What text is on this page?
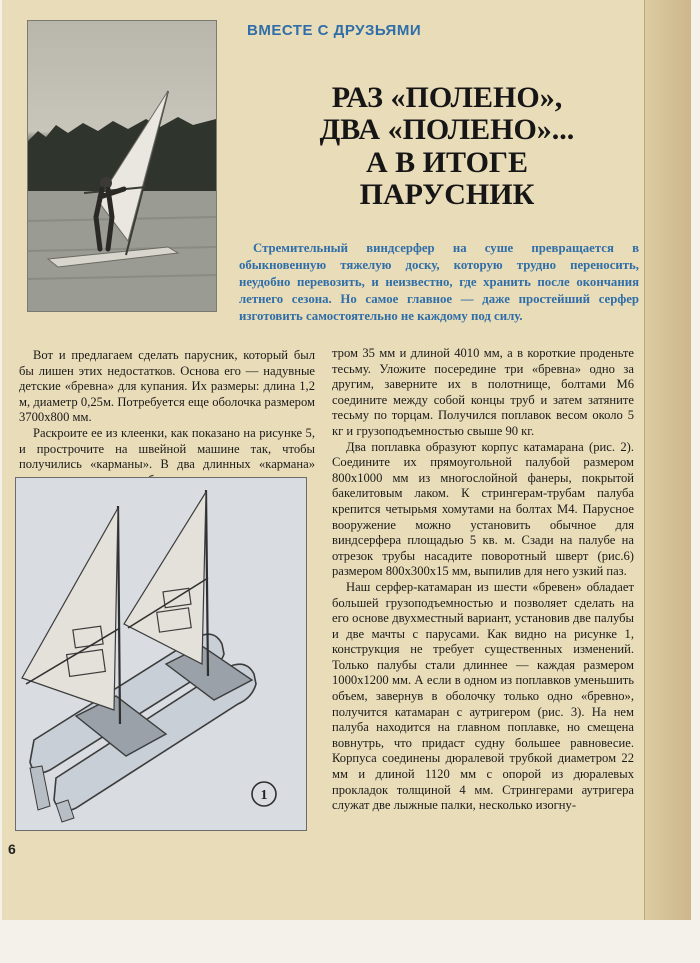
ВМЕСТЕ С ДРУЗЬЯМИ
РАЗ «ПОЛЕНО»,
ДВА «ПОЛЕНО»...
А В ИТОГЕ
ПАРУСНИК

Стремительный виндсерфер на суше превращается в обыкновенную тяжелую доску, которую трудно переносить, неудобно перевозить, и неизвестно, где хранить после окончания летнего сезона. Но самое главное — даже простейший серфер изготовить самостоятельно не каждому под силу.

Вот и предлагаем сделать парусник, который был бы лишен этих недостатков. Основа его — надувные детские «бревна» для купания. Их размеры: длина 1,2 м, диаметр 0,25м. Потребуется еще оболочка размером 3700х800 мм.

Раскроите ее из клеенки, как показано на рисунке 5, и прострочите на швейной машине так, чтобы получились «карманы». В два длинных «кармана»

тром 35 мм и длиной 4010 мм, а в короткие проденьте тесьму. Уложите посередине три «бревна» одно за другим, заверните их в полотнище, болтами М6 соедините между собой концы труб и затем затяните тесьму по торцам. Получился поплавок весом около 5 кг и грузоподъемностью свыше 90 кг.

Два поплавка образуют корпус катамарана (рис. 2). Соедините их прямоугольной палубой размером 800х1000 мм из многослойной фанеры, покрытой бакелитовым лаком. К стрингерам-трубам палуба крепится четырьмя хомутами на болтах М4. Парусное вооружение можно установить обычное для виндсерфера площадью 5 кв. м. Сзади на палубе на отрезок трубы насадите поворотный шверт (рис.6) размером 800х300х15 мм, выпилив для него узкий паз.

Наш серфер-катамаран из шести «бревен» обладает большей грузоподъемностью и позволяет сделать на его основе двухместный вариант, установив две палубы и две мачты с парусами. Как видно на рисунке 1, конструкция не требует существенных изменений. Только палубы стали длиннее — каждая размером 1000х1200 мм. А если в одном из поплавков уменьшить объем, завернув в оболочку только одно «бревно», получится катамаран с аутригером (рис. 3). На нем палуба находится на главном поплавке, но смещена вовнутрь, что придаст судну большее равновесие. Корпуса соединены дюралевой трубкой диаметром 22 мм и длиной 1120 мм с опорой из дюралевых прокладок толщиной 4 мм. Стрингерами аутригера служат две лыжные палки, несколько изогну-

1
6
